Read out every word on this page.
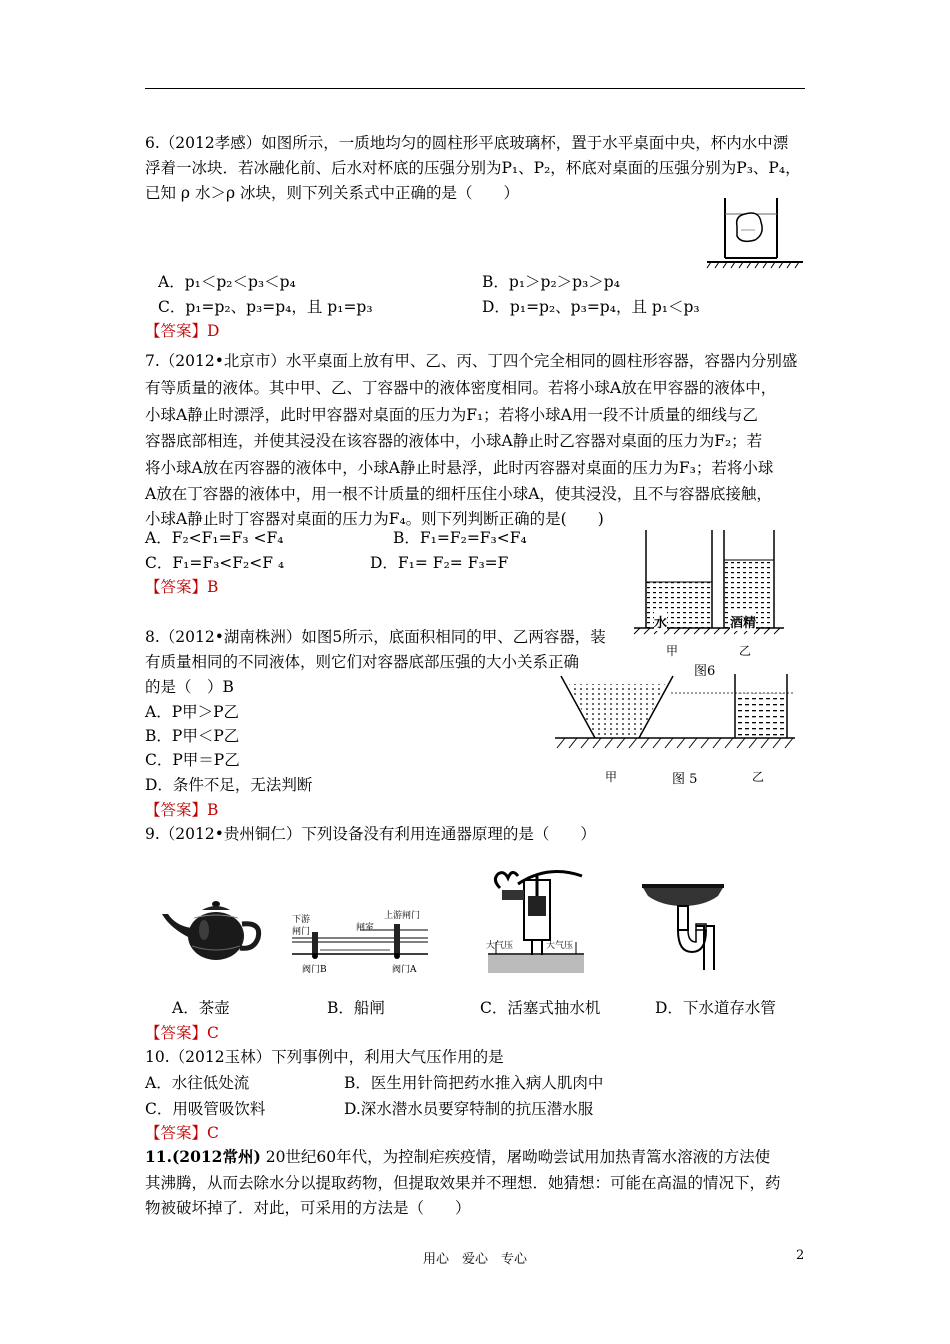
6.（2012孝感）如图所示，一质地均匀的圆柱形平底玻璃杯，置于水平桌面中央，杯内水中漂
浮着一冰块．若冰融化前、后水对杯底的压强分别为P₁、P₂，杯底对桌面的压强分别为P₃、P₄，
已知 ρ 水＞ρ 冰块，则下列关系式中正确的是（　　）
A．p₁＜p₂＜p₃＜p₄	B．p₁＞p₂＞p₃＞p₄
C．p₁=p₂、p₃=p₄，且 p₁=p₃	D．p₁=p₂、p₃=p₄，且 p₁＜p₃
【答案】D
7.（2012•北京市）水平桌面上放有甲、乙、丙、丁四个完全相同的圆柱形容器，容器内分别盛
有等质量的液体。其中甲、乙、丁容器中的液体密度相同。若将小球A放在甲容器的液体中，
小球A静止时漂浮，此时甲容器对桌面的压力为F₁；若将小球A用一段不计质量的细线与乙
容器底部相连，并使其浸没在该容器的液体中，小球A静止时乙容器对桌面的压力为F₂；若
将小球A放在丙容器的液体中，小球A静止时悬浮，此时丙容器对桌面的压力为F₃；若将小球
A放在丁容器的液体中，用一根不计质量的细杆压住小球A，使其浸没，且不与容器底接触，
小球A静止时丁容器对桌面的压力为F₄。则下列判断正确的是(　　)
A．F₂<F₁=F₃ <F₄	B．F₁=F₂=F₃<F₄
C．F₁=F₃<F₂<F ₄	D．F₁= F₂= F₃=F
【答案】B
水	酒精
甲	乙
图6
8.（2012•湖南株洲）如图5所示，底面积相同的甲、乙两容器，装
有质量相同的不同液体，则它们对容器底部压强的大小关系正确
的是（　）B
A．P甲＞P乙
B．P甲＜P乙
C．P甲＝P乙
D．条件不足，无法判断
【答案】B
甲	图 5	乙
9.（2012•贵州铜仁）下列设备没有利用连通器原理的是（　　）
下游
闸门	闸室
上游闸门
阀门B	阀门A
大气压	大气压
A．茶壶	B．船闸	C．活塞式抽水机	D．下水道存水管
【答案】C
10.（2012玉林）下列事例中，利用大气压作用的是
A．水往低处流	B．医生用针筒把药水推入病人肌肉中
C．用吸管吸饮料	D.深水潜水员要穿特制的抗压潜水服
【答案】C
11.(2012常州) 20世纪60年代，为控制疟疾疫情，屠呦呦尝试用加热青篙水溶液的方法使
其沸腾，从而去除水分以提取药物，但提取效果并不理想．她猜想：可能在高温的情况下，药
物被破坏掉了．对此，可采用的方法是（　　）
用心　爱心　专心	2
